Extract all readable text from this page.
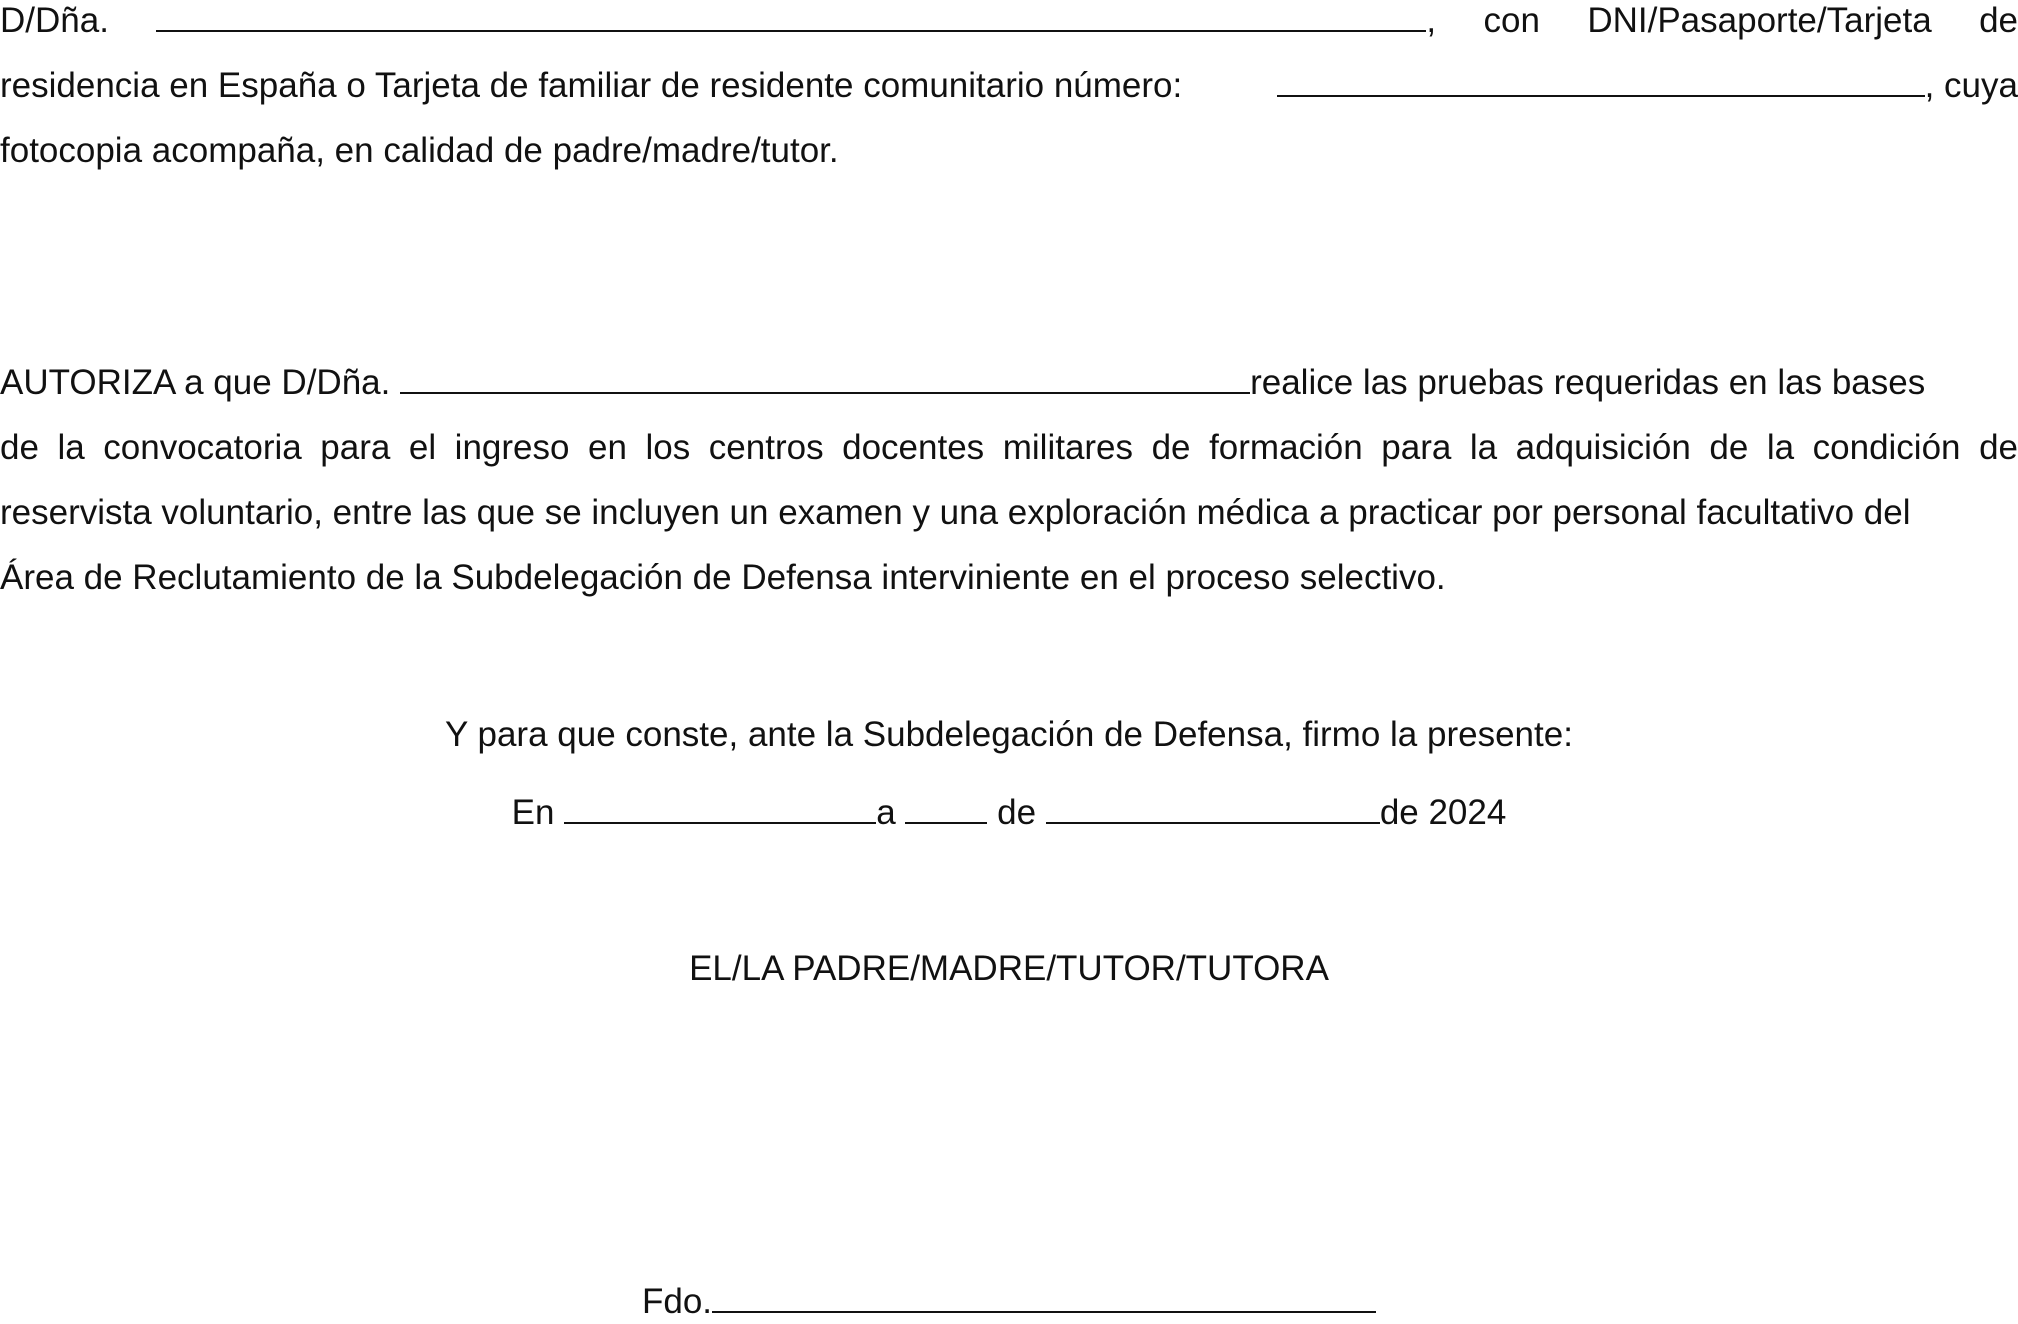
D/Dña.	, con DNI/Pasaporte/Tarjeta de
residencia en España o Tarjeta de familiar de residente comunitario número:	, cuya
fotocopia acompaña, en calidad de padre/madre/tutor.
AUTORIZA a que D/Dña.	realice las pruebas requeridas en las bases
de la convocatoria para el ingreso en los centros docentes militares de formación para la adquisición de la condición de
reservista voluntario, entre las que se incluyen un examen y una exploración médica a practicar por personal facultativo del
Área de Reclutamiento de la Subdelegación de Defensa interviniente en el proceso selectivo.
Y para que conste, ante la Subdelegación de Defensa, firmo la presente:
En	a	de	de 2024
EL/LA PADRE/MADRE/TUTOR/TUTORA
Fdo.
